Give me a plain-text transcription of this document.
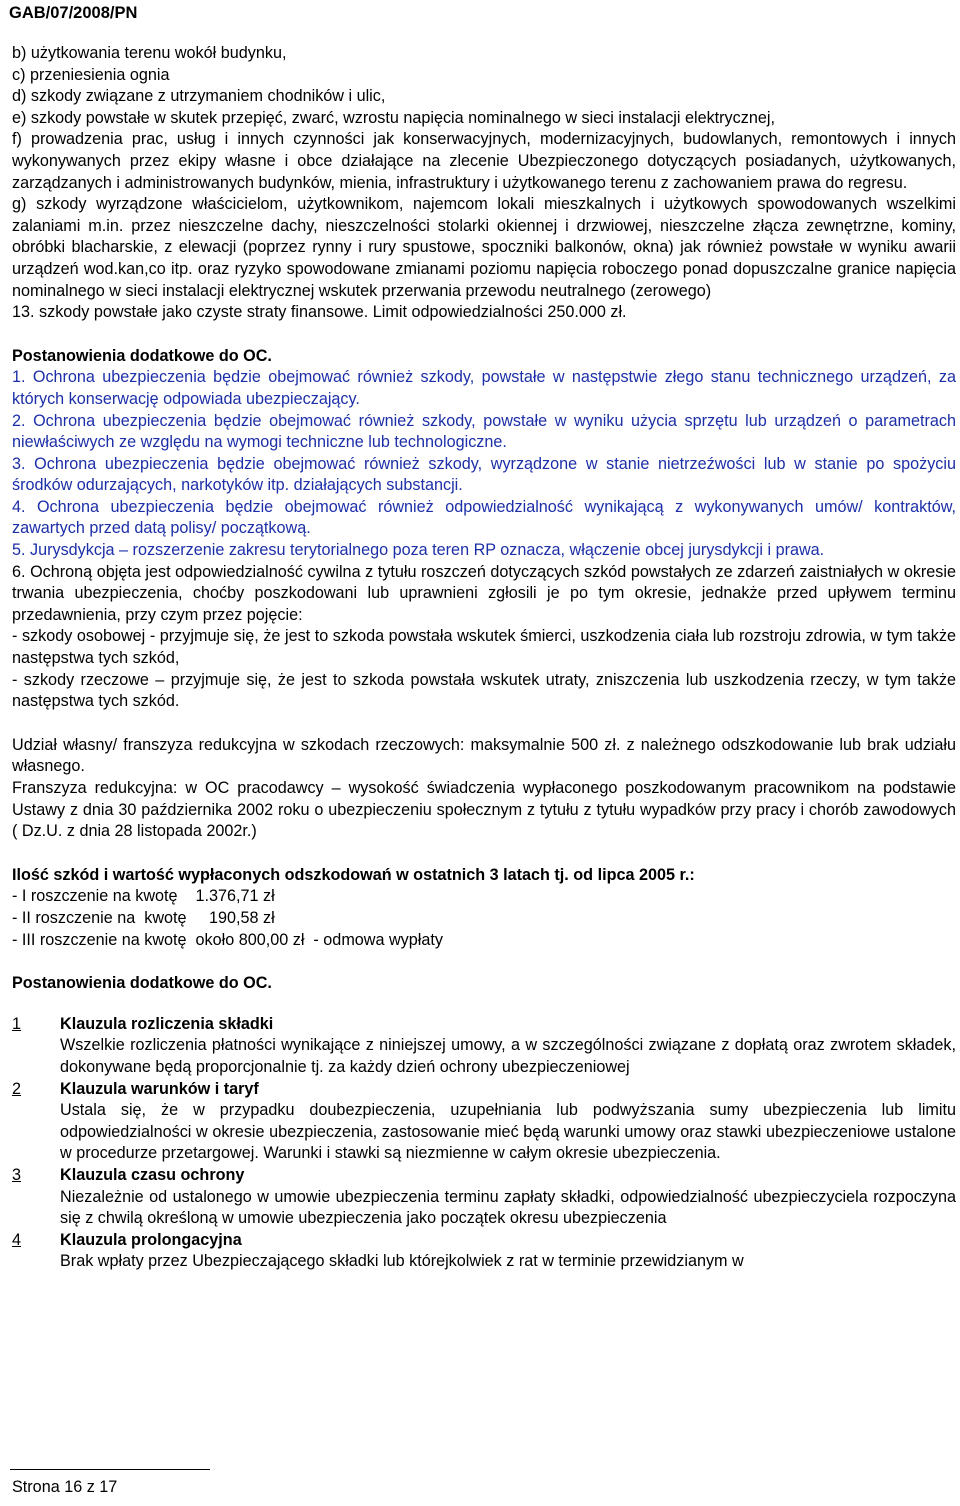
GAB/07/2008/PN
b) użytkowania terenu wokół budynku,
c) przeniesienia ognia
d) szkody związane z utrzymaniem chodników i ulic,
e) szkody powstałe w skutek przepięć, zwarć, wzrostu napięcia nominalnego w sieci instalacji elektrycznej,
f) prowadzenia prac, usług i innych czynności jak konserwacyjnych, modernizacyjnych, budowlanych, remontowych i innych wykonywanych przez ekipy własne i obce działające na zlecenie Ubezpieczonego dotyczących posiadanych, użytkowanych, zarządzanych i administrowanych budynków, mienia, infrastruktury i użytkowanego terenu z zachowaniem prawa do regresu.
g) szkody wyrządzone właścicielom, użytkownikom, najemcom lokali mieszkalnych i użytkowych spowodowanych wszelkimi zalaniami m.in. przez nieszczelne dachy, nieszczelności stolarki okiennej i drzwiowej, nieszczelne złącza zewnętrzne, kominy, obróbki blacharskie, z elewacji (poprzez rynny i rury spustowe, spoczniki balkonów, okna) jak również powstałe w wyniku awarii urządzeń wod.kan,co itp. oraz ryzyko spowodowane zmianami poziomu napięcia roboczego ponad dopuszczalne granice napięcia nominalnego w sieci instalacji elektrycznej wskutek przerwania przewodu neutralnego (zerowego)
13. szkody powstałe jako czyste straty finansowe. Limit odpowiedzialności 250.000 zł.
Postanowienia dodatkowe do OC.
1. Ochrona ubezpieczenia będzie obejmować również szkody, powstałe w następstwie złego stanu technicznego urządzeń, za których konserwację odpowiada ubezpieczający.
2. Ochrona ubezpieczenia będzie obejmować również szkody, powstałe w wyniku użycia sprzętu lub urządzeń o parametrach niewłaściwych ze względu na wymogi techniczne lub technologiczne.
3. Ochrona ubezpieczenia będzie obejmować również szkody, wyrządzone w stanie nietrzeźwości lub w stanie po spożyciu środków odurzających, narkotyków itp. działających substancji.
4. Ochrona ubezpieczenia będzie obejmować również odpowiedzialność wynikającą z wykonywanych umów/ kontraktów, zawartych przed datą polisy/ początkową.
5. Jurysdykcja – rozszerzenie zakresu terytorialnego poza teren RP oznacza, włączenie obcej jurysdykcji i prawa.
6. Ochroną objęta jest odpowiedzialność cywilna z tytułu roszczeń dotyczących szkód powstałych ze zdarzeń zaistniałych w okresie trwania ubezpieczenia, choćby poszkodowani lub uprawnieni zgłosili je po tym okresie, jednakże przed upływem terminu przedawnienia, przy czym przez pojęcie:
- szkody osobowej - przyjmuje się, że jest to szkoda powstała wskutek śmierci, uszkodzenia ciała lub rozstroju zdrowia, w tym także następstwa tych szkód,
- szkody rzeczowe – przyjmuje się, że jest to szkoda powstała wskutek utraty, zniszczenia lub uszkodzenia rzeczy, w tym także następstwa tych szkód.
Udział własny/ franszyza redukcyjna w szkodach rzeczowych: maksymalnie 500 zł. z należnego odszkodowanie lub brak udziału własnego.
Franszyza redukcyjna: w OC pracodawcy – wysokość świadczenia wypłaconego poszkodowanym pracownikom na podstawie Ustawy z dnia 30 października 2002 roku o ubezpieczeniu społecznym z tytułu z tytułu wypadków przy pracy i chorób zawodowych ( Dz.U. z dnia 28 listopada 2002r.)
Ilość szkód i wartość wypłaconych odszkodowań w ostatnich 3 latach tj. od lipca 2005 r.:
- I roszczenie na kwotę    1.376,71 zł
- II roszczenie na  kwotę     190,58 zł
- III roszczenie na kwotę  około 800,00 zł  - odmowa wypłaty
Postanowienia dodatkowe do OC.
1	Klauzula rozliczenia składki
Wszelkie rozliczenia płatności wynikające z niniejszej umowy, a w szczególności związane z dopłatą oraz zwrotem składek, dokonywane będą proporcjonalnie tj. za każdy dzień ochrony ubezpieczeniowej

2	Klauzula warunków i taryf
Ustala się, że w przypadku doubezpieczenia, uzupełniania lub podwyższania sumy ubezpieczenia lub limitu odpowiedzialności w okresie ubezpieczenia, zastosowanie mieć będą warunki umowy oraz stawki ubezpieczeniowe ustalone w procedurze przetargowej. Warunki i stawki są niezmienne w całym okresie ubezpieczenia.

3	Klauzula czasu ochrony
Niezależnie od ustalonego w umowie ubezpieczenia terminu zapłaty składki, odpowiedzialność ubezpieczyciela rozpoczyna się z chwilą określoną w umowie ubezpieczenia jako początek okresu ubezpieczenia

4	Klauzula prolongacyjna
Brak wpłaty przez Ubezpieczającego składki lub którejkolwiek z rat w terminie przewidzianym w
Strona 16 z 17
